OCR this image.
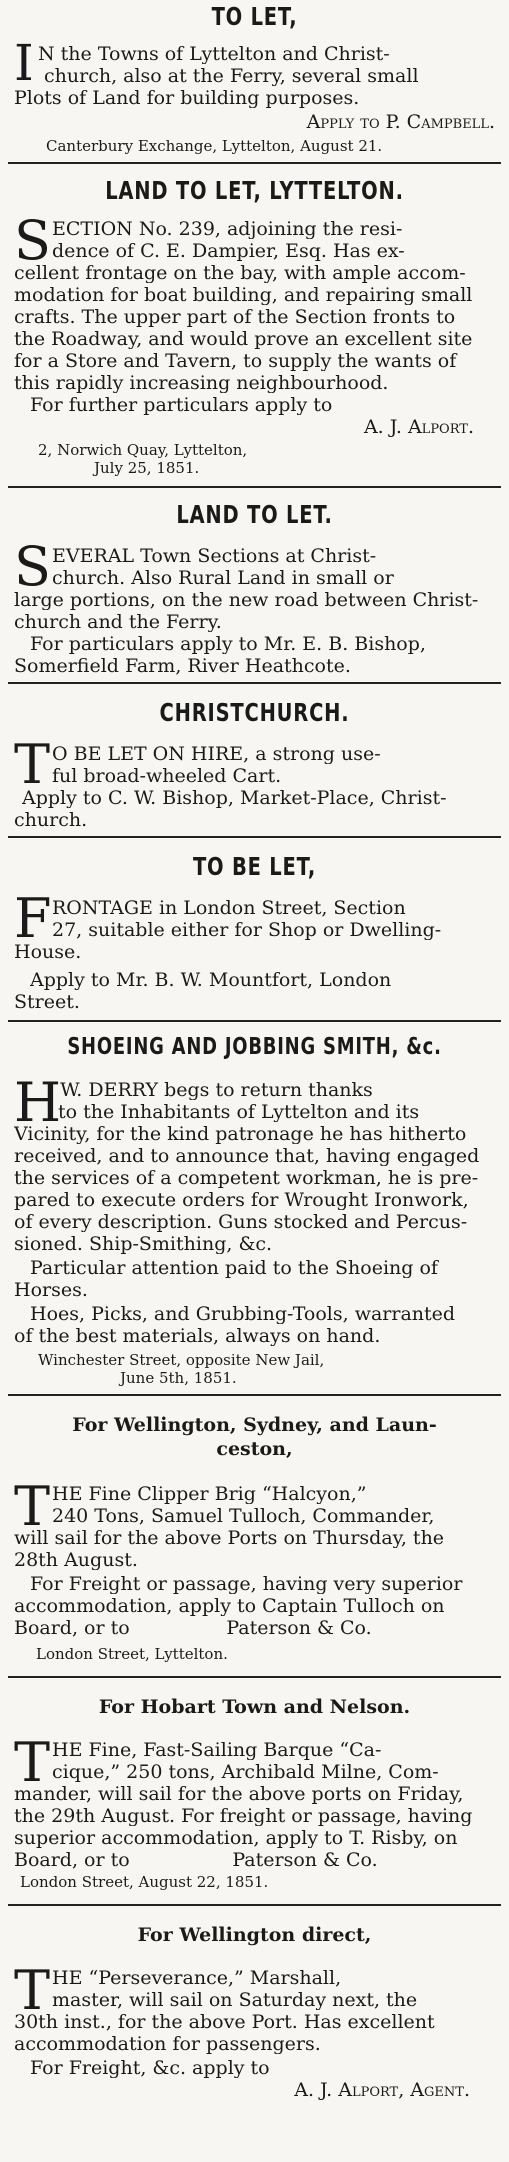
TO LET,
I N the Towns of Lyttelton and Christ-
church, also at the Ferry, several small
Plots of Land for building purposes.
Apply to P. Campbell.
Canterbury Exchange, Lyttelton, August 21.
LAND TO LET, LYTTELTON.
S ECTION No. 239, adjoining the resi-
dence of C. E. Dampier, Esq. Has ex-
cellent frontage on the bay, with ample accom-
modation for boat building, and repairing small
crafts. The upper part of the Section fronts to
the Roadway, and would prove an excellent site
for a Store and Tavern, to supply the wants of
this rapidly increasing neighbourhood.
For further particulars apply to
A. J. Alport.
2, Norwich Quay, Lyttelton,
July 25, 1851.
LAND TO LET.
S EVERAL Town Sections at Christ-
church. Also Rural Land in small or
large portions, on the new road between Christ-
church and the Ferry.
For particulars apply to Mr. E. B. Bishop,
Somerfield Farm, River Heathcote.
CHRISTCHURCH.
T O BE LET ON HIRE, a strong use-
ful broad-wheeled Cart.
Apply to C. W. Bishop, Market-Place, Christ-
church.
TO BE LET,
F RONTAGE in London Street, Section
27, suitable either for Shop or Dwelling-
House.
Apply to Mr. B. W. Mountfort, London
Street.
SHOEING AND JOBBING SMITH, &c.
H
. W. DERRY begs to return thanks
to the Inhabitants of Lyttelton and its
Vicinity, for the kind patronage he has hitherto
received, and to announce that, having engaged
the services of a competent workman, he is pre-
pared to execute orders for Wrought Ironwork,
of every description. Guns stocked and Percus-
sioned. Ship-Smithing, &c.
Particular attention paid to the Shoeing of
Horses.
Hoes, Picks, and Grubbing-Tools, warranted
of the best materials, always on hand.
Winchester Street, opposite New Jail,
June 5th, 1851.
For Wellington, Sydney, and Laun-
ceston,
T HE Fine Clipper Brig “Halcyon,”
240 Tons, Samuel Tulloch, Commander,
will sail for the above Ports on Thursday, the
28th August.
For Freight or passage, having very superior
accommodation, apply to Captain Tulloch on
Board, or to                Paterson & Co.
London Street, Lyttelton.
For Hobart Town and Nelson.
T HE Fine, Fast-Sailing Barque “Ca-
cique,” 250 tons, Archibald Milne, Com-
mander, will sail for the above ports on Friday,
the 29th August. For freight or passage, having
superior accommodation, apply to T. Risby, on
Board, or to                 Paterson & Co.
London Street, August 22, 1851.
For Wellington direct,
T HE “Perseverance,” Marshall,
master, will sail on Saturday next, the
30th inst., for the above Port. Has excellent
accommodation for passengers.
For Freight, &c. apply to
A. J. Alport, Agent.
